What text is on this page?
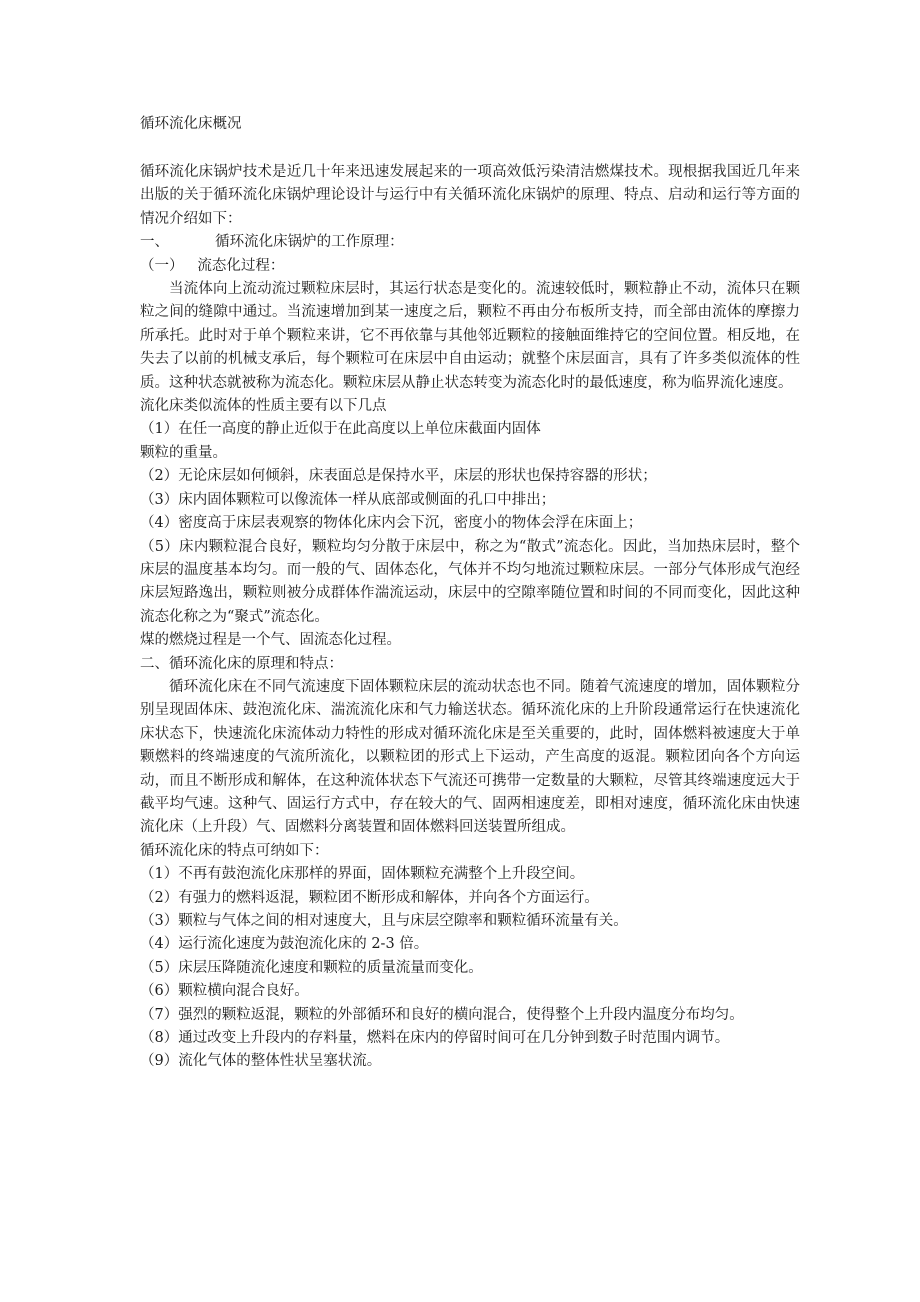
循环流化床概况

循环流化床锅炉技术是近几十年来迅速发展起来的一项高效低污染清洁燃煤技术。现根据我国近几年来出版的关于循环流化床锅炉理论设计与运行中有关循环流化床锅炉的原理、特点、启动和运行等方面的情况介绍如下：

一、	循环流化床锅炉的工作原理：
（一） 流态化过程：

当流体向上流动流过颗粒床层时，其运行状态是变化的。流速较低时，颗粒静止不动，流体只在颗粒之间的缝隙中通过。当流速增加到某一速度之后，颗粒不再由分布板所支持，而全部由流体的摩擦力所承托。此时对于单个颗粒来讲，它不再依靠与其他邻近颗粒的接触面维持它的空间位置。相反地，在失去了以前的机械支承后，每个颗粒可在床层中自由运动；就整个床层面言，具有了许多类似流体的性质。这种状态就被称为流态化。颗粒床层从静止状态转变为流态化时的最低速度，称为临界流化速度。

流化床类似流体的性质主要有以下几点

（1）在任一高度的静止近似于在此高度以上单位床截面内固体

颗粒的重量。

（2）无论床层如何倾斜，床表面总是保持水平，床层的形状也保持容器的形状；

（3）床内固体颗粒可以像流体一样从底部或侧面的孔口中排出；

（4）密度高于床层表观察的物体化床内会下沉，密度小的物体会浮在床面上；

（5）床内颗粒混合良好，颗粒均匀分散于床层中，称之为“散式”流态化。因此，当加热床层时，整个床层的温度基本均匀。而一般的气、固体态化，气体并不均匀地流过颗粒床层。一部分气体形成气泡经床层短路逸出，颗粒则被分成群体作湍流运动，床层中的空隙率随位置和时间的不同而变化，因此这种流态化称之为“聚式”流态化。

煤的燃烧过程是一个气、固流态化过程。

二、循环流化床的原理和特点：

循环流化床在不同气流速度下固体颗粒床层的流动状态也不同。随着气流速度的增加，固体颗粒分别呈现固体床、鼓泡流化床、湍流流化床和气力输送状态。循环流化床的上升阶段通常运行在快速流化床状态下，快速流化床流体动力特性的形成对循环流化床是至关重要的，此时，固体燃料被速度大于单颗燃料的终端速度的气流所流化，以颗粒团的形式上下运动，产生高度的返混。颗粒团向各个方向运动，而且不断形成和解体，在这种流体状态下气流还可携带一定数量的大颗粒，尽管其终端速度远大于截平均气速。这种气、固运行方式中，存在较大的气、固两相速度差，即相对速度，循环流化床由快速流化床（上升段）气、固燃料分离装置和固体燃料回送装置所组成。

循环流化床的特点可纳如下：

（1）不再有鼓泡流化床那样的界面，固体颗粒充满整个上升段空间。

（2）有强力的燃料返混，颗粒团不断形成和解体，并向各个方面运行。

（3）颗粒与气体之间的相对速度大，且与床层空隙率和颗粒循环流量有关。

（4）运行流化速度为鼓泡流化床的 2-3 倍。

（5）床层压降随流化速度和颗粒的质量流量而变化。

（6）颗粒横向混合良好。

（7）强烈的颗粒返混，颗粒的外部循环和良好的横向混合，使得整个上升段内温度分布均匀。

（8）通过改变上升段内的存料量，燃料在床内的停留时间可在几分钟到数子时范围内调节。

（9）流化气体的整体性状呈塞状流。
